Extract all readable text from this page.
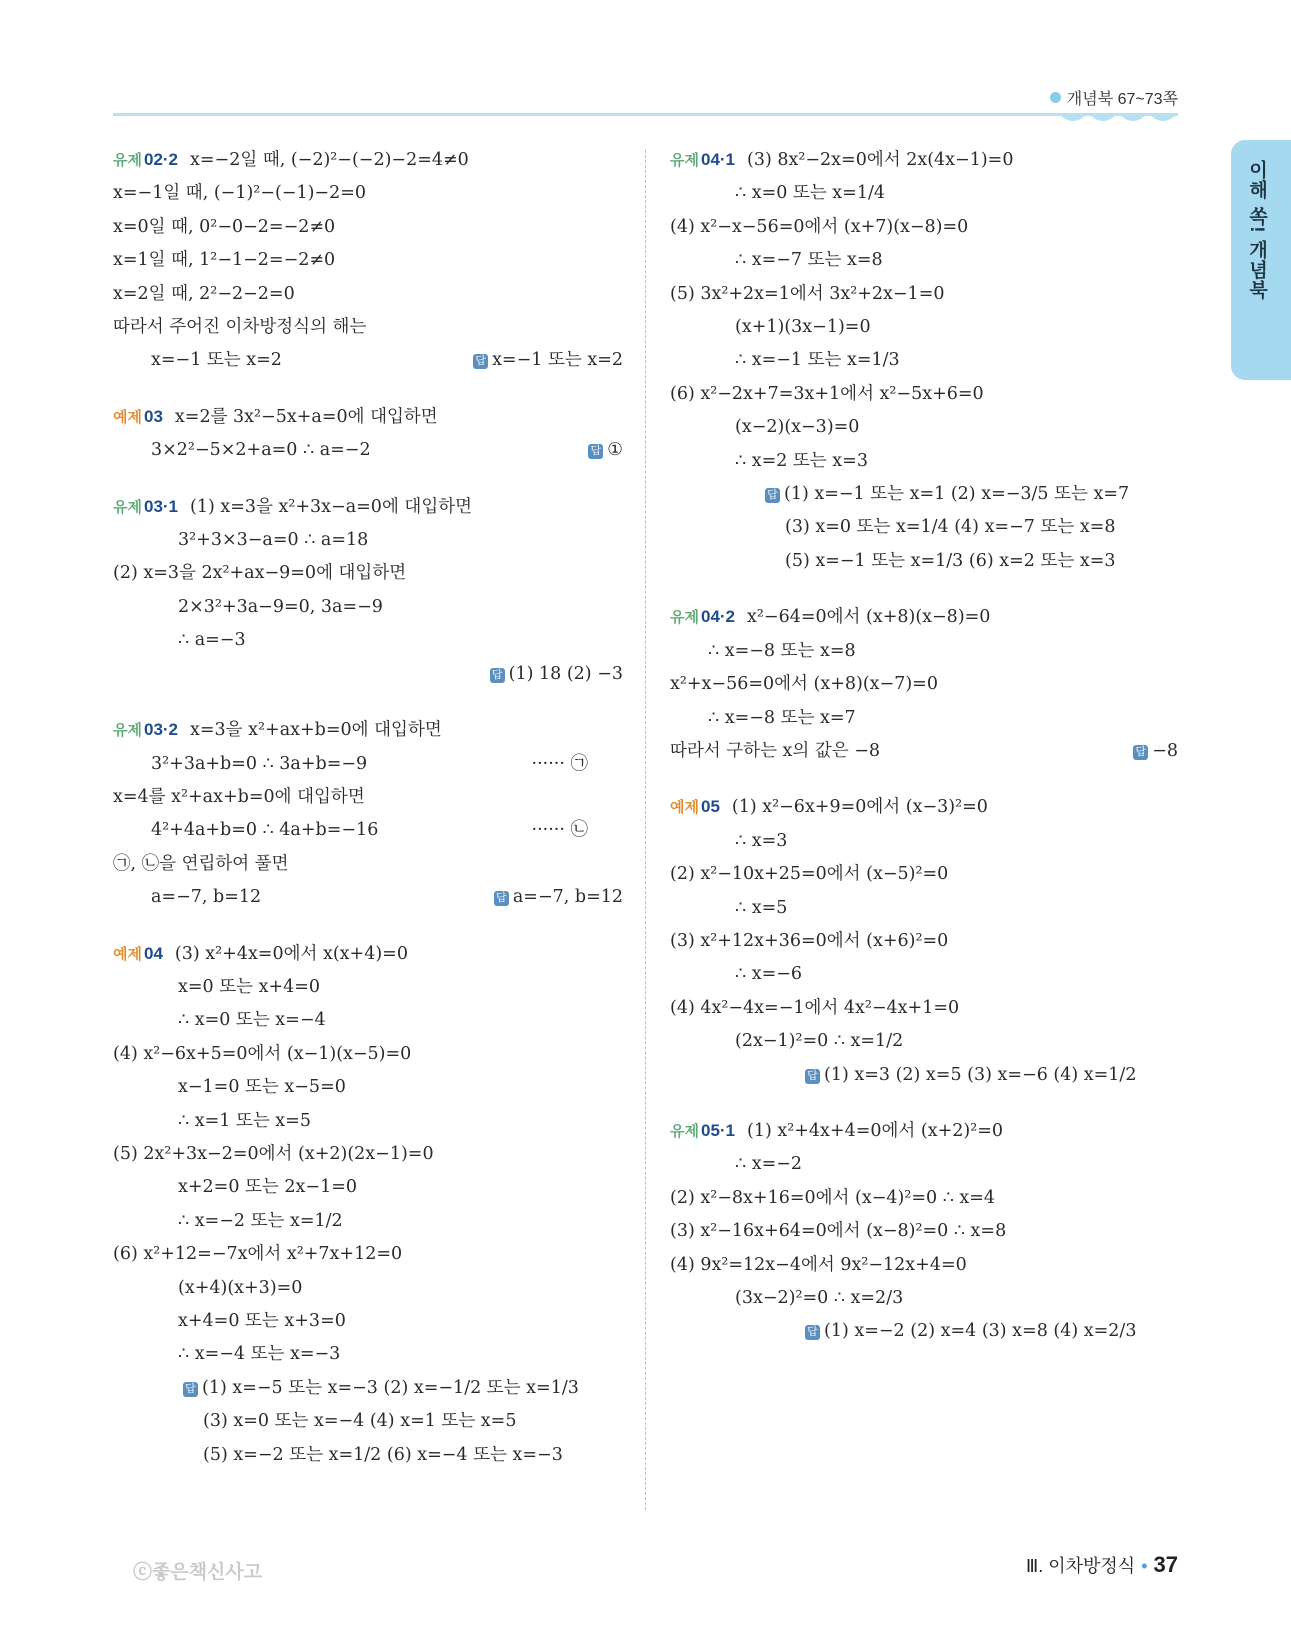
개념북 67~73쪽
이해 쏙! 개념북
유제 02·2 x=−2일 때, (−2)²−(−2)−2=4≠0
x=−1일 때, (−1)²−(−1)−2=0
x=0일 때, 0²−0−2=−2≠0
x=1일 때, 1²−1−2=−2≠0
x=2일 때, 2²−2−2=0
따라서 주어진 이차방정식의 해는
x=−1 또는 x=2	답 x=−1 또는 x=2
예제 03 x=2를 3x²−5x+a=0에 대입하면
3×2²−5×2+a=0 ∴ a=−2	답 ①
유제 03·1 (1) x=3을 x²+3x−a=0에 대입하면
3²+3×3−a=0 ∴ a=18
(2) x=3을 2x²+ax−9=0에 대입하면
2×3²+3a−9=0, 3a=−9
∴ a=−3

답 (1) 18 (2) −3
유제 03·2 x=3을 x²+ax+b=0에 대입하면
3²+3a+b=0 ∴ 3a+b=−9	······ ㉠
x=4를 x²+ax+b=0에 대입하면
4²+4a+b=0 ∴ 4a+b=−16	······ ㉡
㉠, ㉡을 연립하여 풀면
a=−7, b=12	답 a=−7, b=12
예제 04 (3) x²+4x=0에서 x(x+4)=0
x=0 또는 x+4=0
∴ x=0 또는 x=−4
(4) x²−6x+5=0에서 (x−1)(x−5)=0
x−1=0 또는 x−5=0
∴ x=1 또는 x=5
(5) 2x²+3x−2=0에서 (x+2)(2x−1)=0
x+2=0 또는 2x−1=0
∴ x=−2 또는 x=1/2
(6) x²+12=−7x에서 x²+7x+12=0
(x+4)(x+3)=0
x+4=0 또는 x+3=0
∴ x=−4 또는 x=−3
답 (1) x=−5 또는 x=−3 (2) x=−1/2 또는 x=1/3
(3) x=0 또는 x=−4 (4) x=1 또는 x=5
(5) x=−2 또는 x=1/2 (6) x=−4 또는 x=−3
유제 04·1 (3) 8x²−2x=0에서 2x(4x−1)=0
∴ x=0 또는 x=1/4
(4) x²−x−56=0에서 (x+7)(x−8)=0
∴ x=−7 또는 x=8
(5) 3x²+2x=1에서 3x²+2x−1=0
(x+1)(3x−1)=0
∴ x=−1 또는 x=1/3
(6) x²−2x+7=3x+1에서 x²−5x+6=0
(x−2)(x−3)=0
∴ x=2 또는 x=3
답 (1) x=−1 또는 x=1 (2) x=−3/5 또는 x=7
(3) x=0 또는 x=1/4 (4) x=−7 또는 x=8
(5) x=−1 또는 x=1/3 (6) x=2 또는 x=3
유제 04·2 x²−64=0에서 (x+8)(x−8)=0
∴ x=−8 또는 x=8
x²+x−56=0에서 (x+8)(x−7)=0
∴ x=−8 또는 x=7
따라서 구하는 x의 값은 −8	답 −8
예제 05 (1) x²−6x+9=0에서 (x−3)²=0
∴ x=3
(2) x²−10x+25=0에서 (x−5)²=0
∴ x=5
(3) x²+12x+36=0에서 (x+6)²=0
∴ x=−6
(4) 4x²−4x=−1에서 4x²−4x+1=0
(2x−1)²=0 ∴ x=1/2
답 (1) x=3 (2) x=5 (3) x=−6 (4) x=1/2
유제 05·1 (1) x²+4x+4=0에서 (x+2)²=0
∴ x=−2
(2) x²−8x+16=0에서 (x−4)²=0 ∴ x=4
(3) x²−16x+64=0에서 (x−8)²=0 ∴ x=8
(4) 9x²=12x−4에서 9x²−12x+4=0
(3x−2)²=0 ∴ x=2/3
답 (1) x=−2 (2) x=4 (3) x=8 (4) x=2/3
ⓒ좋은책신사고	Ⅲ. 이차방정식 • 37
